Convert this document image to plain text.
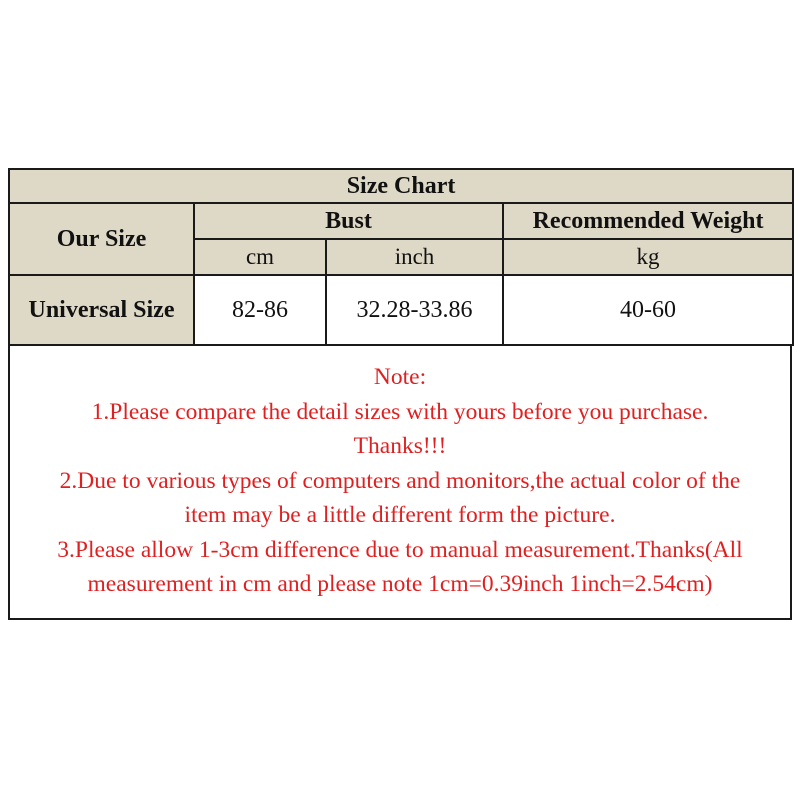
Size Chart			
Our Size	Bust		Recommended Weight
	cm	inch	kg
Universal Size	82-86	32.28-33.86	40-60
Note:
1.Please compare the detail sizes with yours before you purchase.
Thanks!!!
2.Due to various types of computers and monitors,the actual color of the
item may be a little different form the picture.
3.Please allow 1-3cm difference due to manual measurement.Thanks(All
measurement in cm and please note 1cm=0.39inch 1inch=2.54cm)
